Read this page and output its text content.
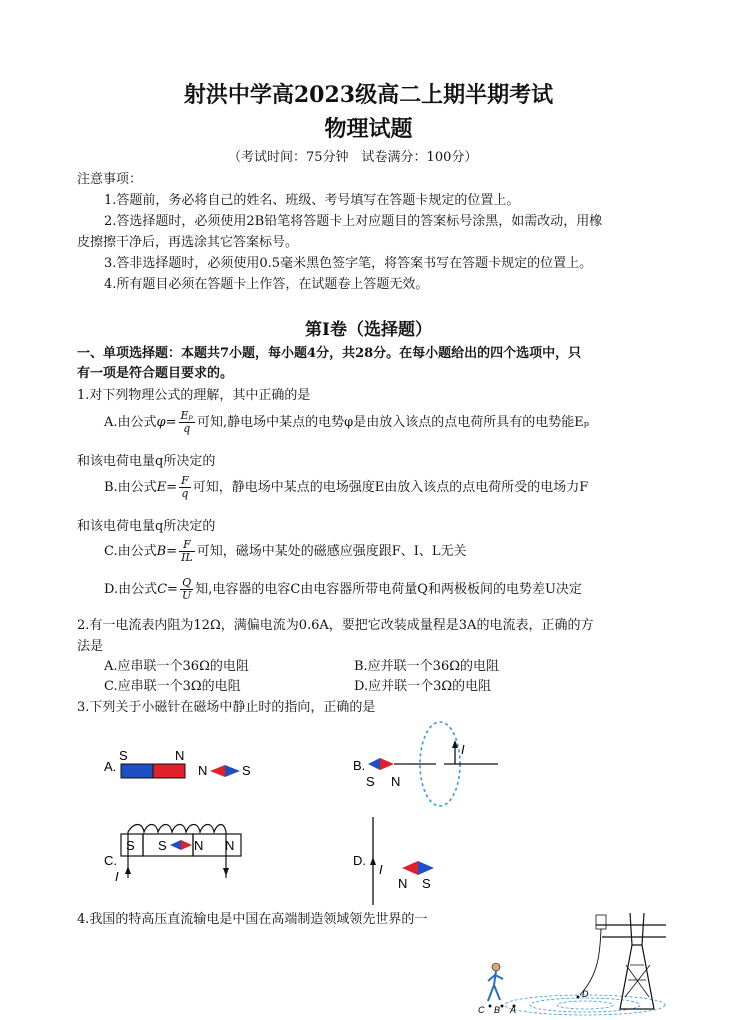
射洪中学高2023级高二上期半期考试
物理试题
（考试时间：75分钟　试卷满分：100分）
注意事项：
1.答题前，务必将自己的姓名、班级、考号填写在答题卡规定的位置上。
2.答选择题时，必须使用2B铅笔将答题卡上对应题目的答案标号涂黑，如需改动，用橡
皮擦擦干净后，再选涂其它答案标号。
3.答非选择题时，必须使用0.5毫米黑色签字笔，将答案书写在答题卡规定的位置上。
4.所有题目必须在答题卡上作答，在试题卷上答题无效。
第Ⅰ卷（选择题）
一、单项选择题：本题共7小题，每小题4分，共28分。在每小题给出的四个选项中，只
有一项是符合题目要求的。
1.对下列物理公式的理解，其中正确的是
A.由公式$\varphi= \frac{\text{Eₚ}}{q}$ 可知,静电场中某点的电势φ是由放入该点的点电荷所具有的电势能Eₚ
和该电荷电量q所决定的
B.由公式$E= \frac{F}{q}$ 可知，静电场中某点的电场强度E由放入该点的点电荷所受的电场力F
和该电荷电量q所决定的
C.由公式$B= \frac{F}{IL}$ 可知，磁场中某处的磁感应强度跟F、I、L无关
D.由公式$C= \frac{Q}{U}$ 知,电容器的电容C由电容器所带电荷量Q和两极板间的电势差U决定
2.有一电流表内阻为12Ω，满偏电流为0.6A，要把它改装成量程是3A的电流表，正确的方
法是
A.应串联一个36Ω的电阻	B.应并联一个36Ω的电阻
C.应串联一个3Ω的电阻	D.应并联一个3Ω的电阻
3.下列关于小磁针在磁场中静止时的指向，正确的是
A.
S	N
N	S	B.
I
S N
C.
I
S S N N
D.
I
N S
4.我国的特高压直流输电是中国在高端制造领域领先世界的一
C B A
D
